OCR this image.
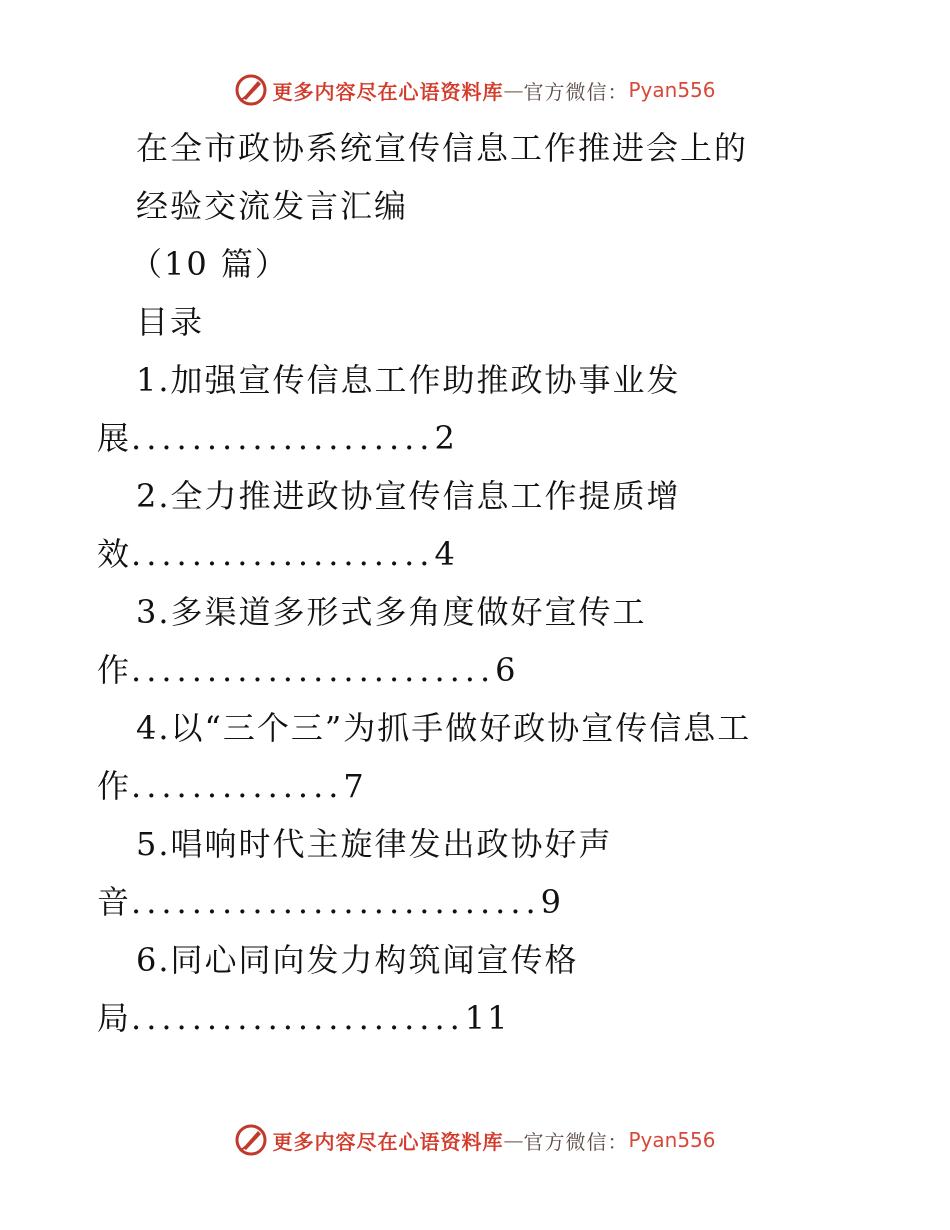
更多内容尽在心语资料库 — 官方微信： Pyan556
在全市政协系统宣传信息工作推进会上的
经验交流发言汇编
（10 篇）
目录
1.加强宣传信息工作助推政协事业发
展....................2
2.全力推进政协宣传信息工作提质增
效....................4
3.多渠道多形式多角度做好宣传工
作........................6
4.以“三个三”为抓手做好政协宣传信息工
作..............7
5.唱响时代主旋律发出政协好声
音...........................9
6.同心同向发力构筑闻宣传格
局......................11
更多内容尽在心语资料库 — 官方微信： Pyan556
